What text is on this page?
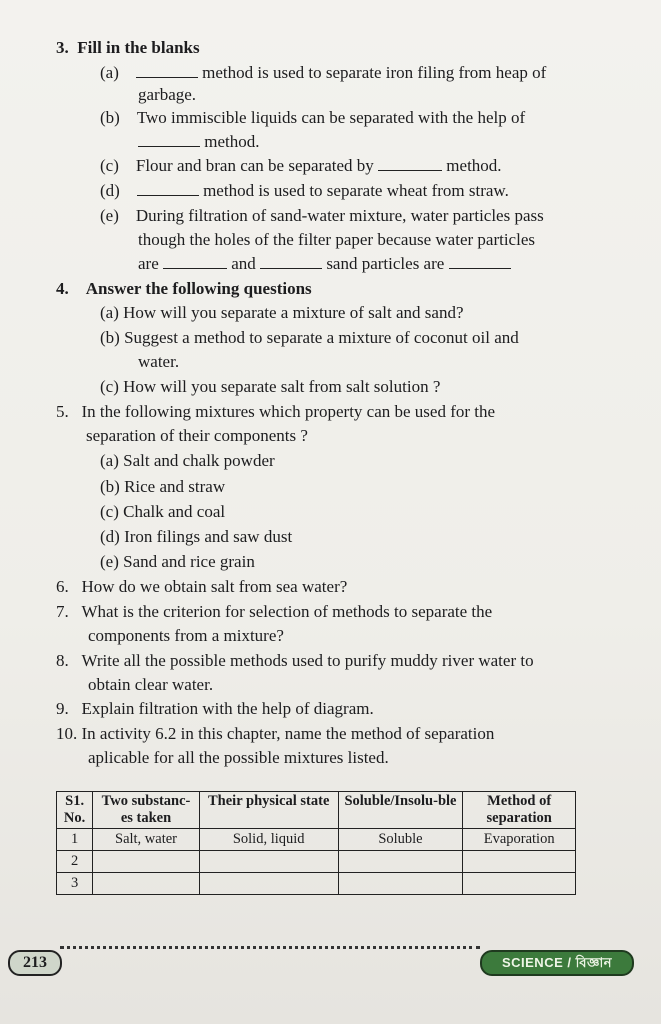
3. Fill in the blanks
(a)	method is used to separate iron filing from heap of
garbage.
(b) Two immiscible liquids can be separated with the help of
method.
(c) Flour and bran can be separated by	method.
(d)	method is used to separate wheat from straw.
(e) During filtration of sand-water mixture, water particles pass
though the holes of the filter paper because water particles
are	and	sand particles are
4. Answer the following questions
(a) How will you separate a mixture of salt and sand?
(b) Suggest a method to separate a mixture of coconut oil and
water.
(c) How will you separate salt from salt solution ?
5. In the following mixtures which property can be used for the
separation of their components ?
(a) Salt and chalk powder
(b) Rice and straw
(c) Chalk and coal
(d) Iron filings and saw dust
(e) Sand and rice grain
6. How do we obtain salt from sea water?
7. What is the criterion for selection of methods to separate the
components from a mixture?
8. Write all the possible methods used to purify muddy river water to
obtain clear water.
9. Explain filtration with the help of diagram.
10. In activity 6.2 in this chapter, name the method of separation
aplicable for all the possible mixtures listed.
S1. No.	Two substanc-es taken	Their physical state	Soluble/Insolu-ble	Method of separation
1	Salt, water	Solid, liquid	Soluble	Evaporation
2				
3				
213	SCIENCE / বিজ্ঞান
